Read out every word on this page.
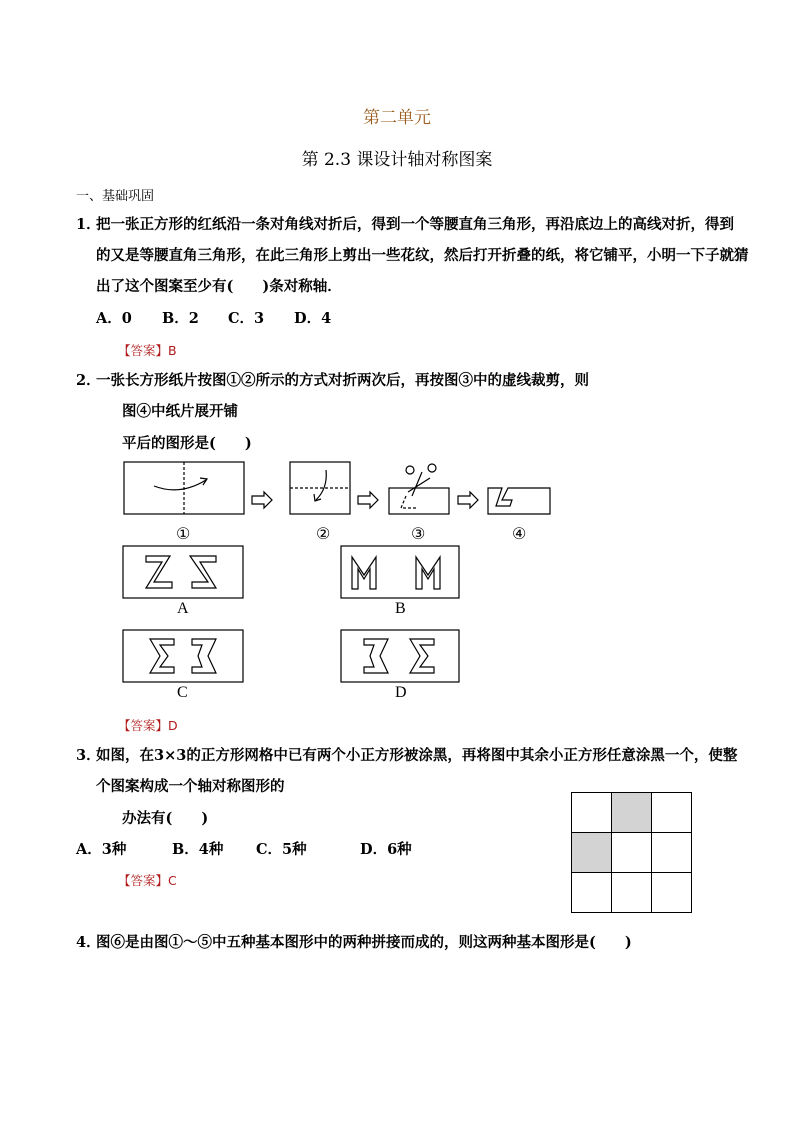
第二单元
第 2.3 课设计轴对称图案
一、基础巩固
1．
把一张正方形的红纸沿一条对角线对折后，得到一个等腰直角三角形，再沿底边上的高线对折，得到
的又是等腰直角三角形，在此三角形上剪出一些花纹，然后打开折叠的纸，将它铺平，小明一下子就猜
出了这个图案至少有(　　)条对称轴．
A．0 B．2 C．3 D．4
【答案】B
2．
一张长方形纸片按图①②所示的方式对折两次后，再按图③中的虚线裁剪，则
图④中纸片展开铺
平后的图形是(　　)
①	②	③	④
A	B
C	D
【答案】D
3．
如图，在3×3的正方形网格中已有两个小正方形被涂黑，再将图中其余小正方形任意涂黑一个，使整
个图案构成一个轴对称图形的
办法有(　　)
A．3种	B．4种 C．5种	D．6种
【答案】C
4．
图⑥是由图①～⑤中五种基本图形中的两种拼接而成的，则这两种基本图形是(　　)
